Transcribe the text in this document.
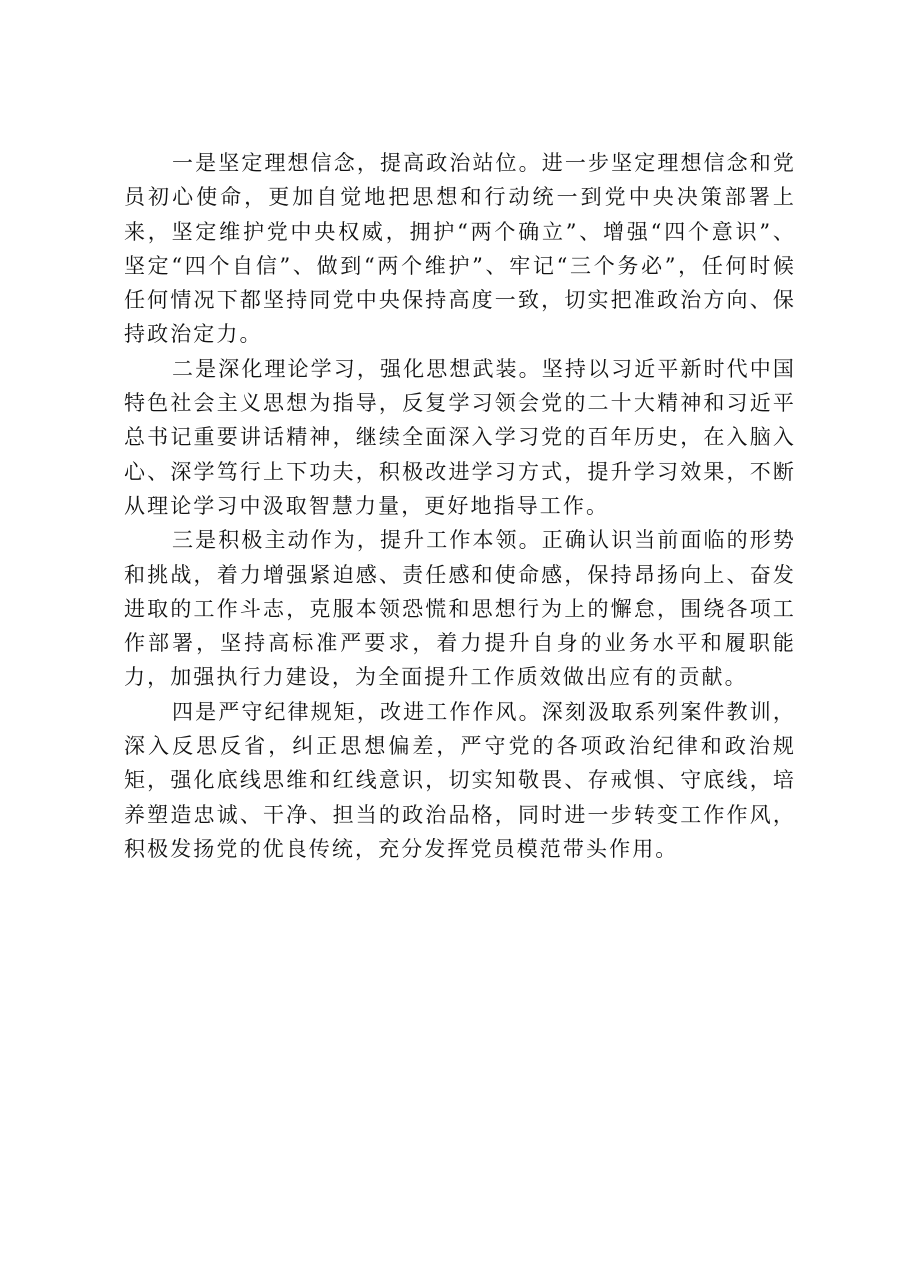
一是坚定理想信念，提高政治站位。进一步坚定理想信念和党员初心使命，更加自觉地把思想和行动统一到党中央决策部署上来，坚定维护党中央权威，拥护“两个确立”、增强“四个意识”、坚定“四个自信”、做到“两个维护”、牢记“三个务必”，任何时候任何情况下都坚持同党中央保持高度一致，切实把准政治方向、保持政治定力。

二是深化理论学习，强化思想武装。坚持以习近平新时代中国特色社会主义思想为指导，反复学习领会党的二十大精神和习近平总书记重要讲话精神，继续全面深入学习党的百年历史，在入脑入心、深学笃行上下功夫，积极改进学习方式，提升学习效果，不断从理论学习中汲取智慧力量，更好地指导工作。

三是积极主动作为，提升工作本领。正确认识当前面临的形势和挑战，着力增强紧迫感、责任感和使命感，保持昂扬向上、奋发进取的工作斗志，克服本领恐慌和思想行为上的懈怠，围绕各项工作部署，坚持高标准严要求，着力提升自身的业务水平和履职能力，加强执行力建设，为全面提升工作质效做出应有的贡献。

四是严守纪律规矩，改进工作作风。深刻汲取系列案件教训，深入反思反省，纠正思想偏差，严守党的各项政治纪律和政治规矩，强化底线思维和红线意识，切实知敬畏、存戒惧、守底线，培养塑造忠诚、干净、担当的政治品格，同时进一步转变工作作风，积极发扬党的优良传统，充分发挥党员模范带头作用。
